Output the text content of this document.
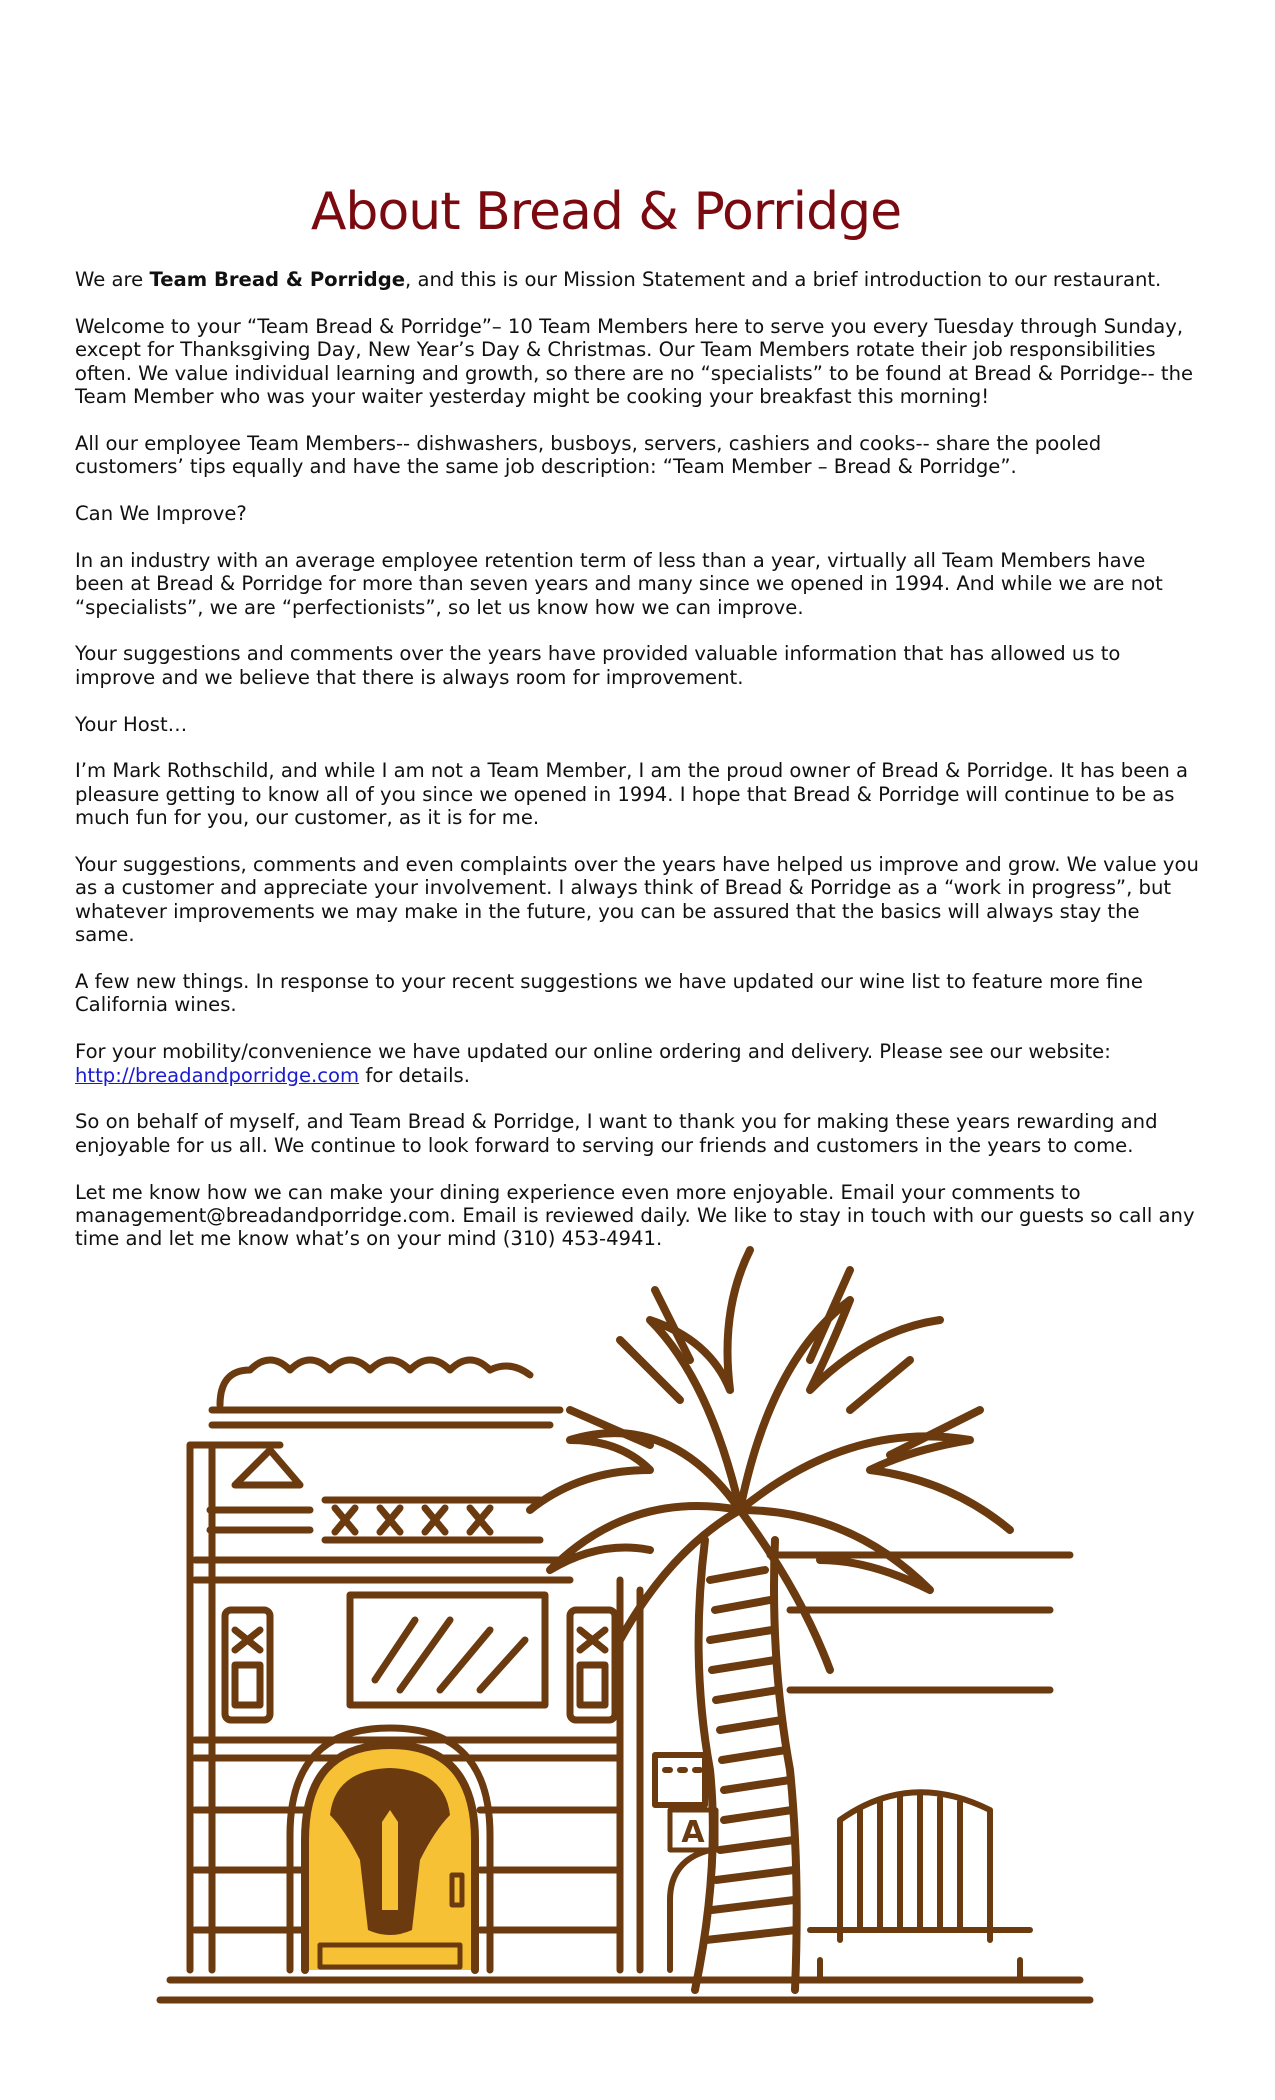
About Bread & Porridge

We are Team Bread & Porridge, and this is our Mission Statement and a brief introduction to our restaurant.

Welcome to your “Team Bread & Porridge”– 10 Team Members here to serve you every Tuesday through Sunday, except for Thanksgiving Day, New Year’s Day & Christmas. Our Team Members rotate their job responsibilities often. We value individual learning and growth, so there are no “specialists” to be found at Bread & Porridge-- the Team Member who was your waiter yesterday might be cooking your breakfast this morning!

All our employee Team Members-- dishwashers, busboys, servers, cashiers and cooks-- share the pooled customers’ tips equally and have the same job description: “Team Member – Bread & Porridge”.

Can We Improve?

In an industry with an average employee retention term of less than a year, virtually all Team Members have been at Bread & Porridge for more than seven years and many since we opened in 1994. And while we are not “specialists”, we are “perfectionists”, so let us know how we can improve.

Your suggestions and comments over the years have provided valuable information that has allowed us to improve and we believe that there is always room for improvement.

Your Host…

I’m Mark Rothschild, and while I am not a Team Member, I am the proud owner of Bread & Porridge. It has been a pleasure getting to know all of you since we opened in 1994. I hope that Bread & Porridge will continue to be as much fun for you, our customer, as it is for me.

Your suggestions, comments and even complaints over the years have helped us improve and grow. We value you as a customer and appreciate your involvement. I always think of Bread & Porridge as a “work in progress”, but whatever improvements we may make in the future, you can be assured that the basics will always stay the same.

A few new things. In response to your recent suggestions we have updated our wine list to feature more fine California wines.

For your mobility/convenience we have updated our online ordering and delivery. Please see our website: http://breadandporridge.com for details.

So on behalf of myself, and Team Bread & Porridge, I want to thank you for making these years rewarding and enjoyable for us all. We continue to look forward to serving our friends and customers in the years to come.

Let me know how we can make your dining experience even more enjoyable. Email your comments to management@breadandporridge.com. Email is reviewed daily. We like to stay in touch with our guests so call any time and let me know what’s on your mind (310) 453-4941.

A
